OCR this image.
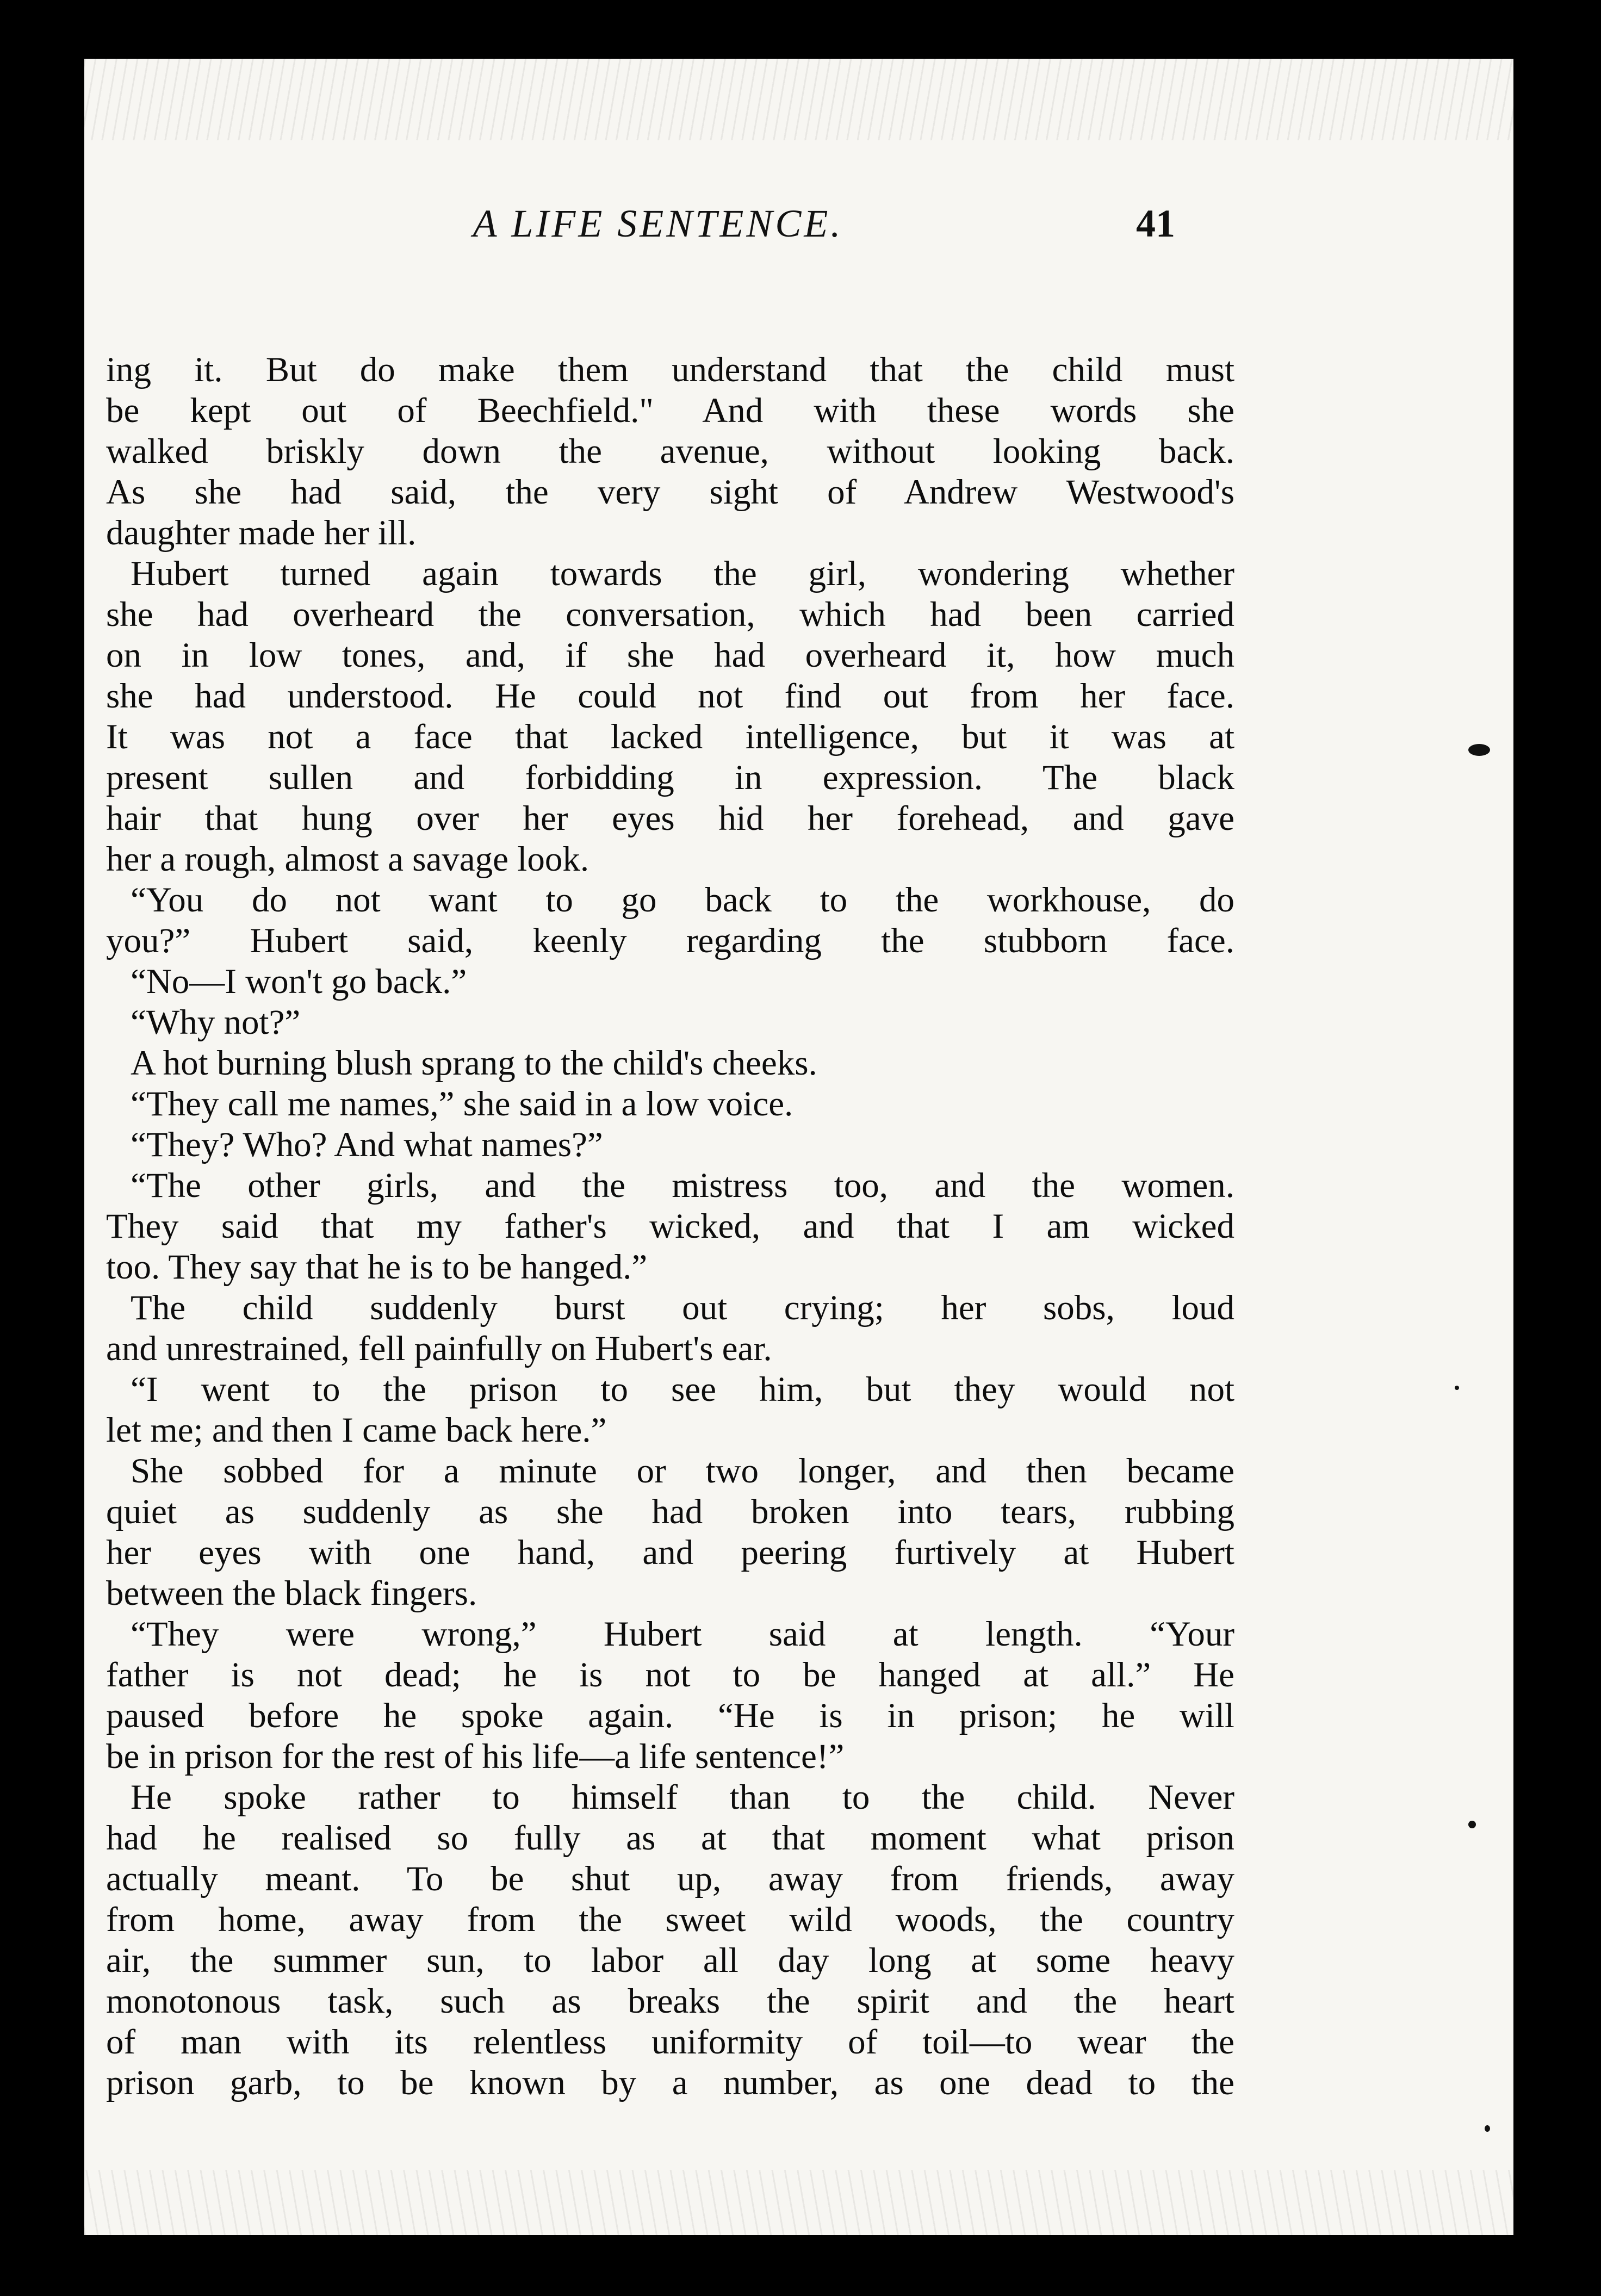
A LIFE SENTENCE.	41
ing it. But do make them understand that the child must
be kept out of Beechfield." And with these words she
walked briskly down the avenue, without looking back.
As she had said, the very sight of Andrew Westwood's
daughter made her ill.
Hubert turned again towards the girl, wondering whether
she had overheard the conversation, which had been carried
on in low tones, and, if she had overheard it, how much
she had understood. He could not find out from her face.
It was not a face that lacked intelligence, but it was at
present sullen and forbidding in expression. The black
hair that hung over her eyes hid her forehead, and gave
her a rough, almost a savage look.
“You do not want to go back to the workhouse, do
you?” Hubert said, keenly regarding the stubborn face.
“No—I won't go back.”
“Why not?”
A hot burning blush sprang to the child's cheeks.
“They call me names,” she said in a low voice.
“They? Who? And what names?”
“The other girls, and the mistress too, and the women.
They said that my father's wicked, and that I am wicked
too. They say that he is to be hanged.”
The child suddenly burst out crying; her sobs, loud
and unrestrained, fell painfully on Hubert's ear.
“I went to the prison to see him, but they would not
let me; and then I came back here.”
She sobbed for a minute or two longer, and then became
quiet as suddenly as she had broken into tears, rubbing
her eyes with one hand, and peering furtively at Hubert
between the black fingers.
“They were wrong,” Hubert said at length. “Your
father is not dead; he is not to be hanged at all.” He
paused before he spoke again. “He is in prison; he will
be in prison for the rest of his life—a life sentence!”
He spoke rather to himself than to the child. Never
had he realised so fully as at that moment what prison
actually meant. To be shut up, away from friends, away
from home, away from the sweet wild woods, the country
air, the summer sun, to labor all day long at some heavy
monotonous task, such as breaks the spirit and the heart
of man with its relentless uniformity of toil—to wear the
prison garb, to be known by a number, as one dead to the
